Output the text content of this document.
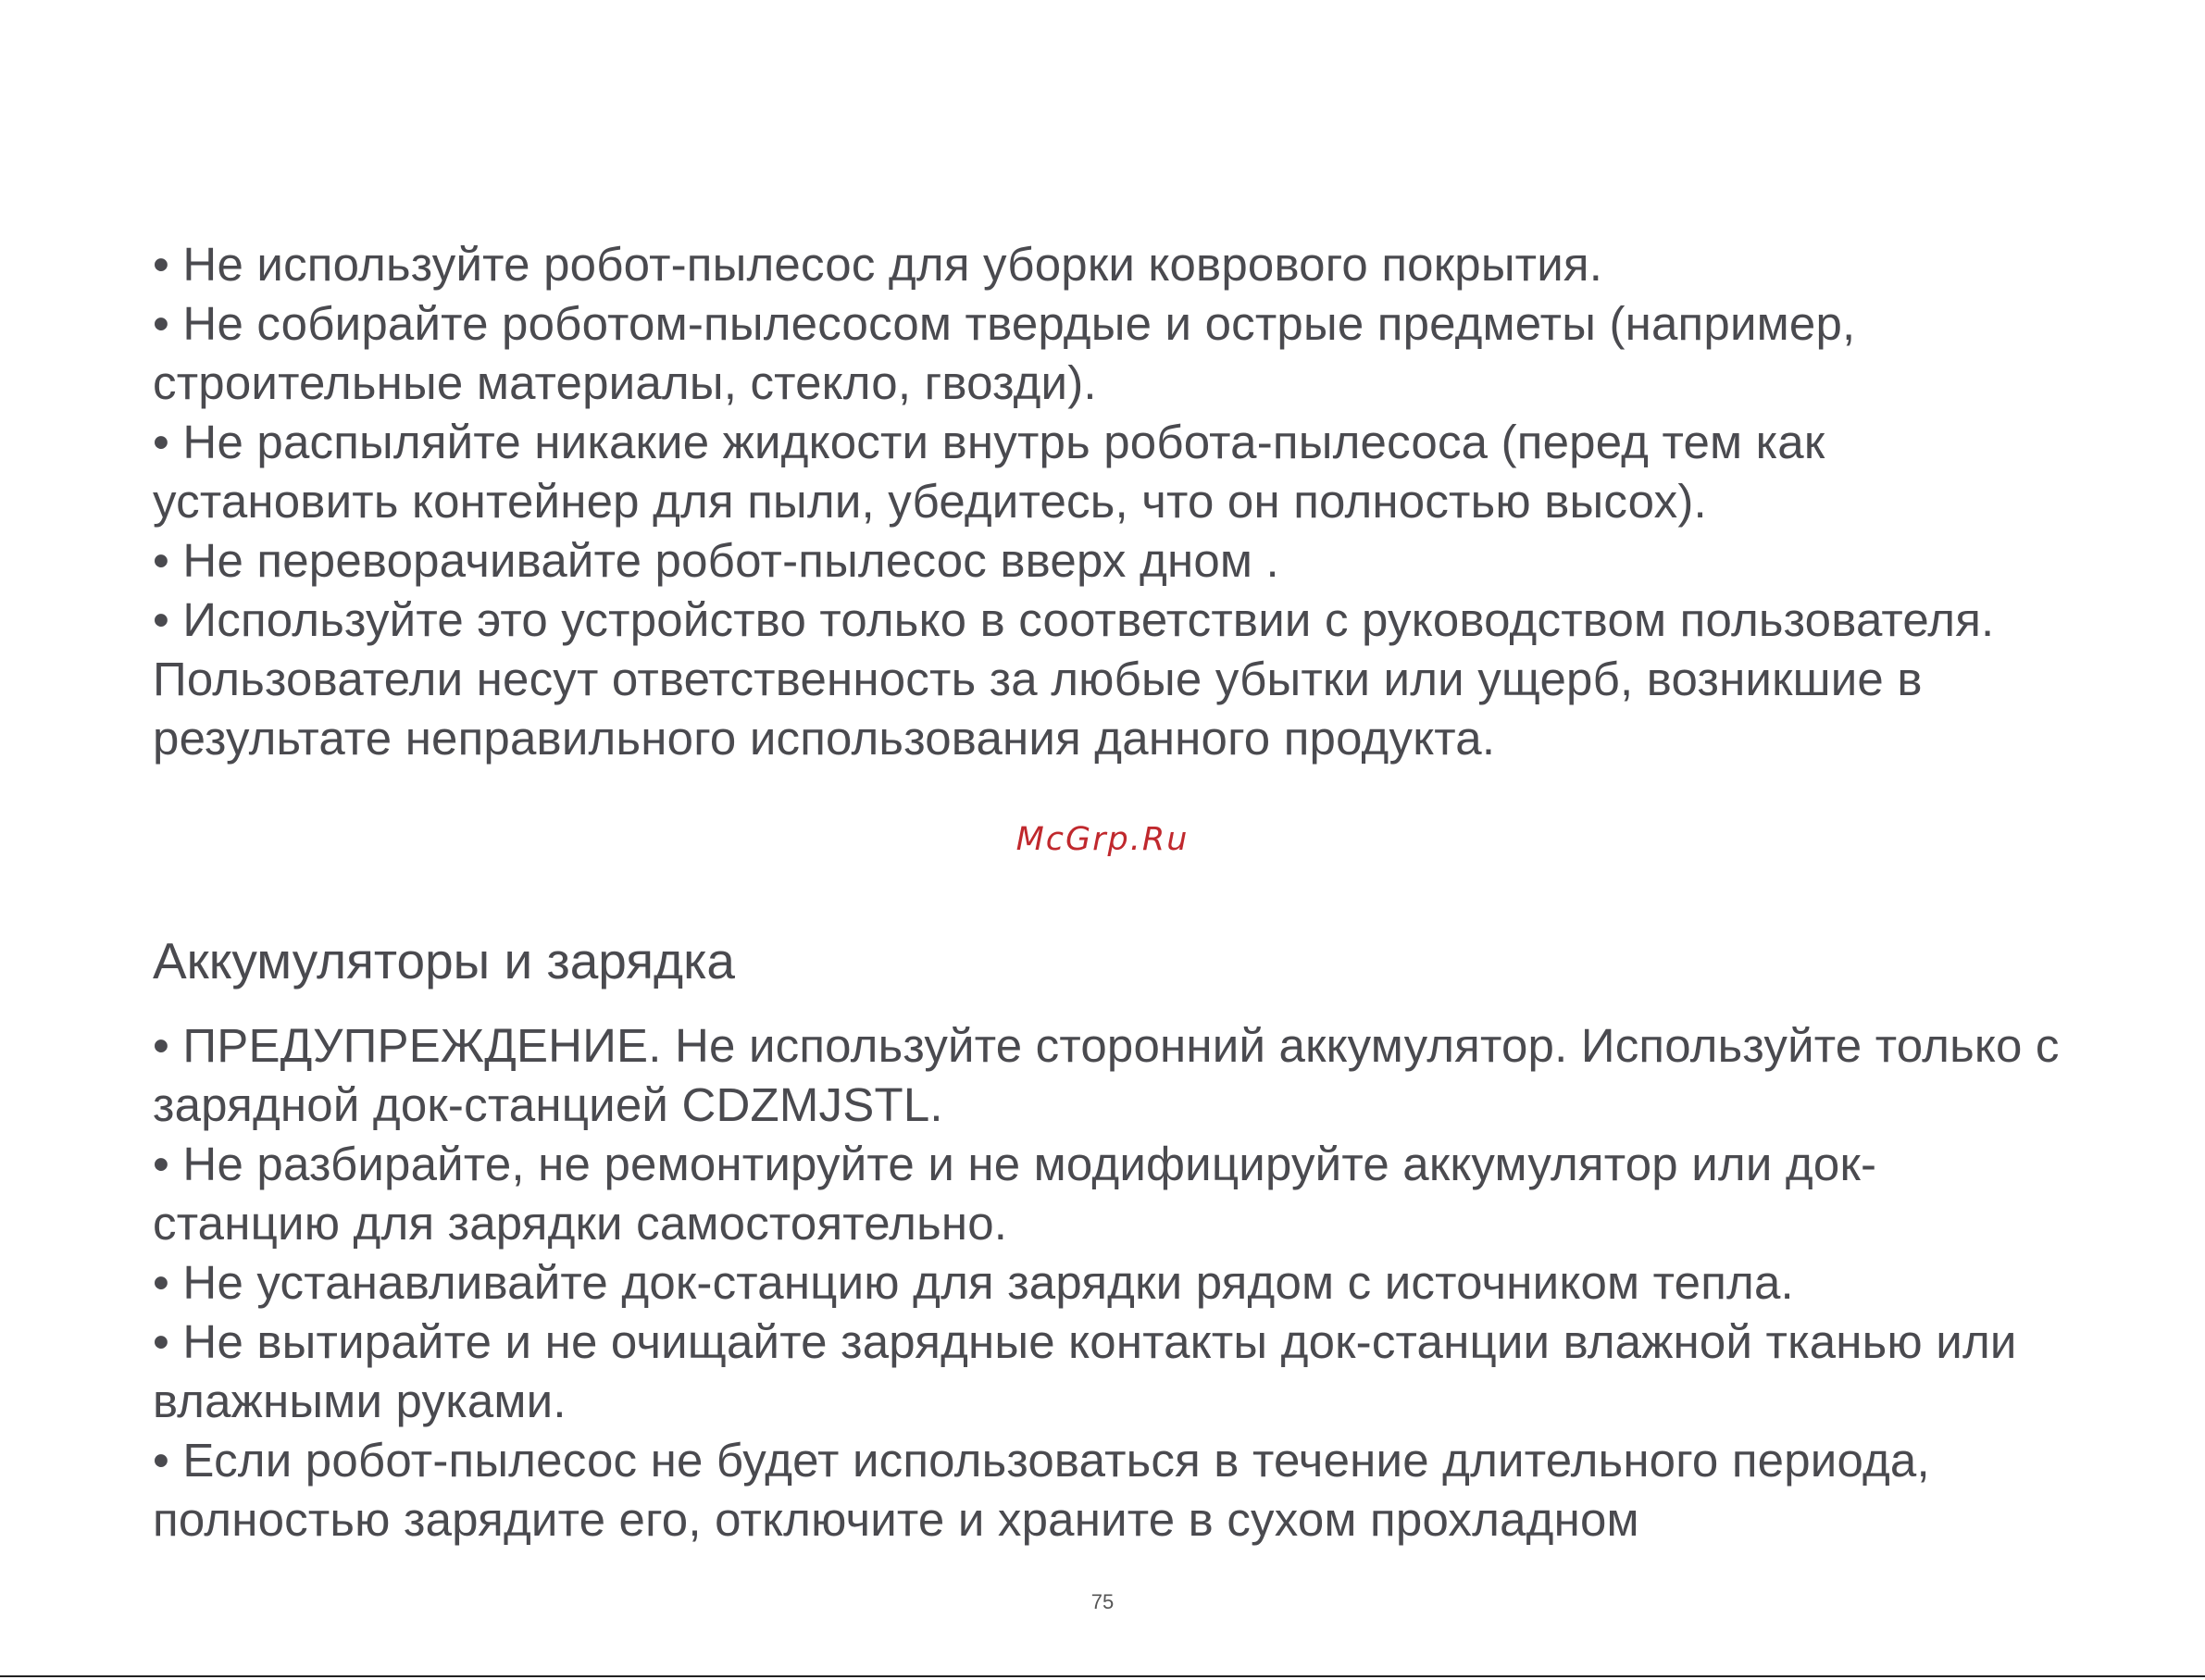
• Не используйте робот-пылесос для уборки коврового покрытия.

• Не собирайте роботом-пылесосом твердые и острые предметы (например, строительные материалы, стекло, гвозди).

• Не распыляйте никакие жидкости внутрь робота-пылесоса (перед тем как установить контейнер для пыли, убедитесь, что он полностью высох).

• Не переворачивайте робот-пылесос вверх дном .

• Используйте это устройство только в соответствии с руководством пользователя. Пользователи несут ответственность за любые убытки или ущерб, возникшие в результате неправильного использования данного продукта.

McGrp.Ru
Аккумуляторы и зарядка

• ПРЕДУПРЕЖДЕНИЕ. Не используйте сторонний аккумулятор. Используйте только с зарядной док-станцией CDZMJSTL.

• Не разбирайте, не ремонтируйте и не модифицируйте аккумулятор или док-станцию для зарядки самостоятельно.

• Не устанавливайте док-станцию для зарядки рядом с источником тепла.

• Не вытирайте и не очищайте зарядные контакты док-станции влажной тканью или влажными руками.

• Если робот-пылесос не будет использоваться в течение длительного периода, полностью зарядите его, отключите и храните в сухом прохладном

75
